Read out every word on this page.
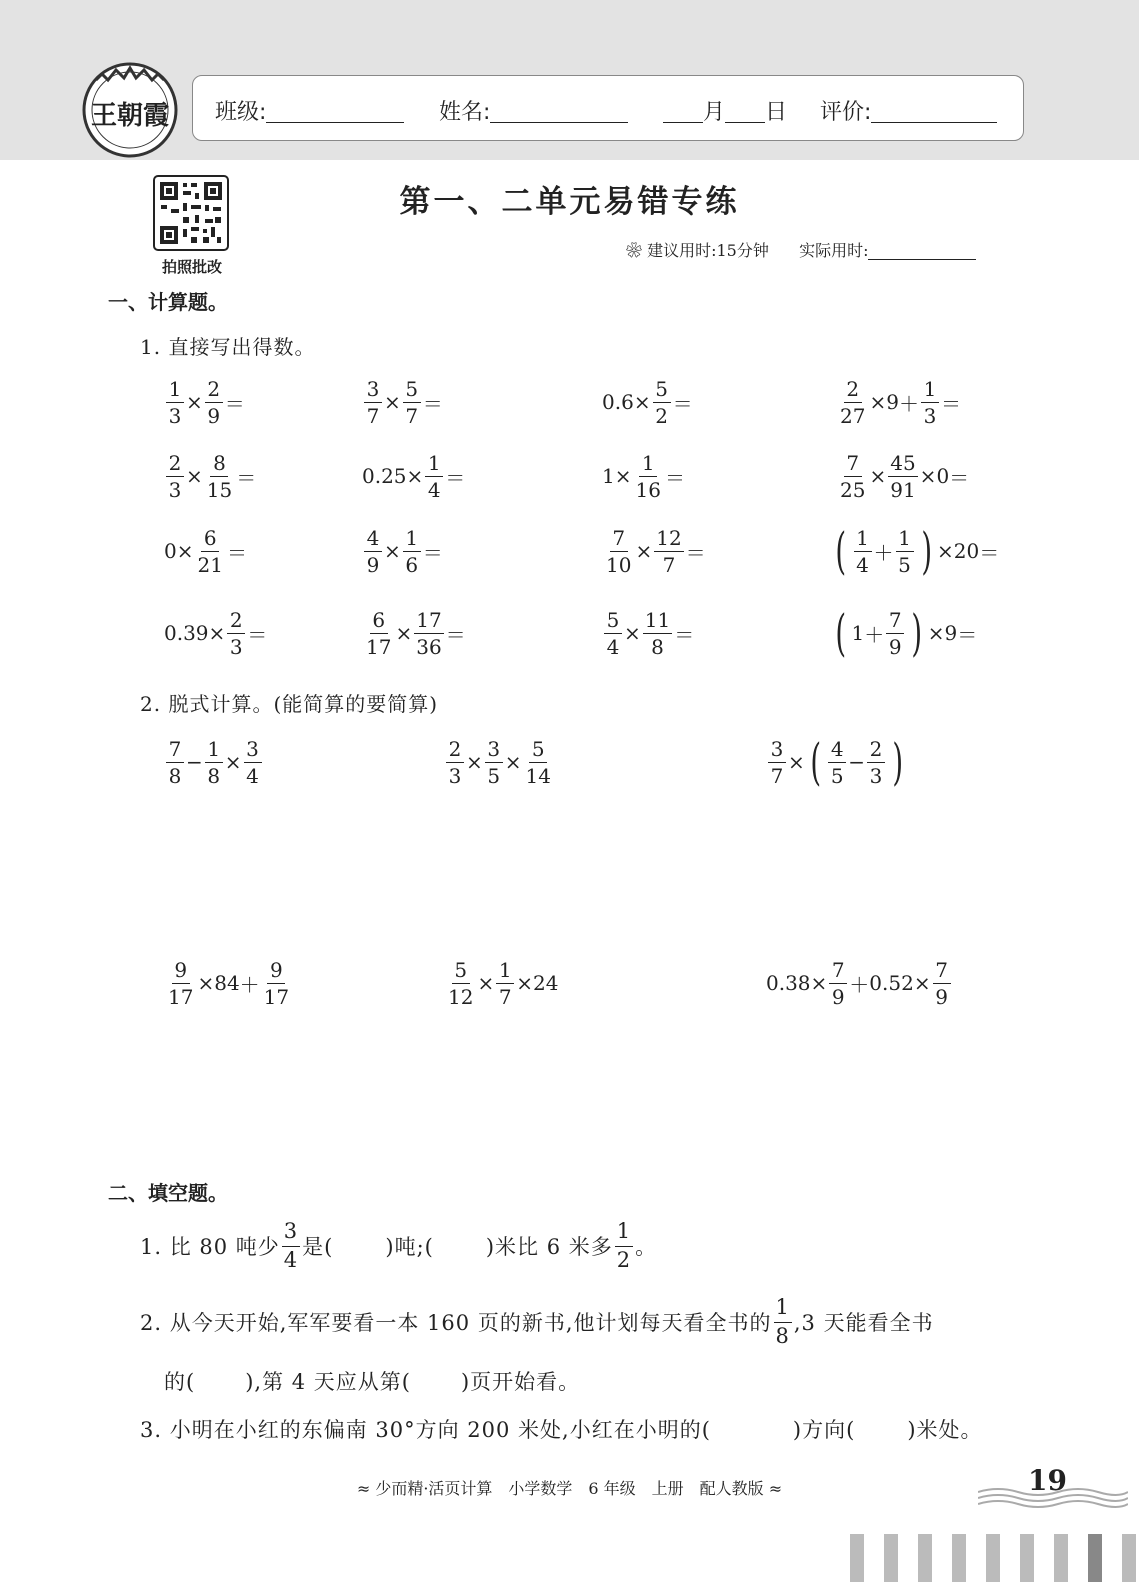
王朝霞 班级:	姓名:	月 日 评价:
拍照批改
第一、二单元易错专练
❀ 建议用时:15分钟 实际用时:
一、计算题。
1. 直接写出得数。
$\frac{1}{3} \times \frac{2}{9}$ ＝	$\frac{3}{7} \times \frac{5}{7}$ ＝	$0.6 \times \frac{5}{2}$ ＝	$\frac{2}{27} \times 9 + \frac{1}{3}$ ＝
$\frac{2}{3} \times \frac{8}{15}$ ＝	$0.25 \times \frac{1}{4}$ ＝	$1 \times \frac{1}{16}$ ＝	$\frac{7}{25} \times \frac{45}{91} \times 0$ ＝
$0 \times \frac{6}{21}$ ＝	$\frac{4}{9} \times \frac{1}{6}$ ＝	$\frac{7}{10} \times \frac{12}{7}$ ＝	( $\frac{1}{4} + \frac{1}{5}$ ) × 20 ＝
$0.39 \times \frac{2}{3}$ ＝	$\frac{6}{17} \times \frac{17}{36}$ ＝	$\frac{5}{4} \times \frac{11}{8}$ ＝	( $1 + \frac{7}{9}$ ) × 9 ＝
2. 脱式计算。(能简算的要简算)
$\frac{7}{8} - \frac{1}{8} \times \frac{3}{4}$	$\frac{2}{3} \times \frac{3}{5} \times \frac{5}{14}$	$\frac{3}{7}$ × ( $\frac{4}{5} - \frac{2}{3}$ )
$\frac{9}{17} \times 84 + \frac{9}{17}$	$\frac{5}{12} \times \frac{1}{7} \times 24$	$0.38 \times \frac{7}{9} + 0.52 \times \frac{7}{9}$
二、填空题。
1. 比 80 吨少 $\frac{3}{4}$ 是( )吨;( )米比 6 米多 $\frac{1}{2}$ 。
2. 从今天开始,军军要看一本 160 页的新书,他计划每天看全书的 $\frac{1}{8} ,3$ 天能看全书
的( ),第 4 天应从第( )页开始看。
3. 小明在小红的东偏南 30°方向 200 米处,小红在小明的(	)方向( )米处。
≈ 少而精·活页计算　小学数学　6 年级　上册　配人教版 ≈	19
